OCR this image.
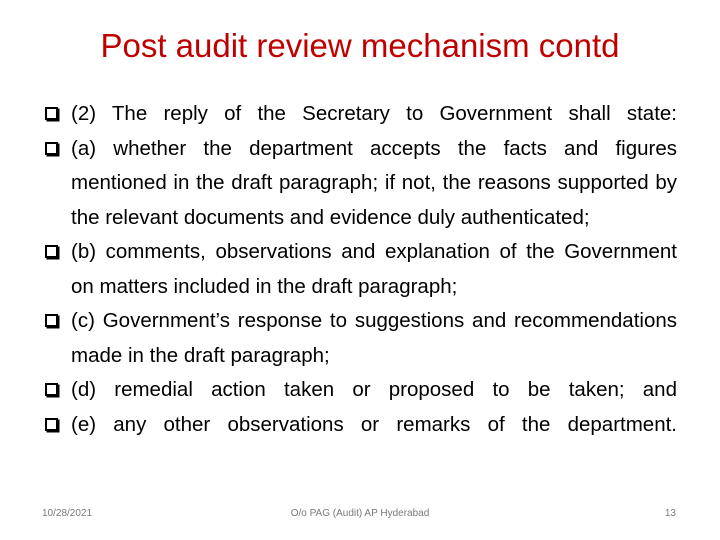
Post audit review mechanism contd
(2) The reply of the Secretary to Government shall state:
(a) whether the department accepts the facts and figures mentioned in the draft paragraph; if not, the reasons supported by the relevant documents and evidence duly authenticated;
(b) comments, observations and explanation of the Government on matters included in the draft paragraph;
(c) Government’s response to suggestions and recommendations made in the draft paragraph;
(d) remedial action taken or proposed to be taken; and
(e) any other observations or remarks of the department.
10/28/2021	O/o PAG (Audit) AP Hyderabad	13
